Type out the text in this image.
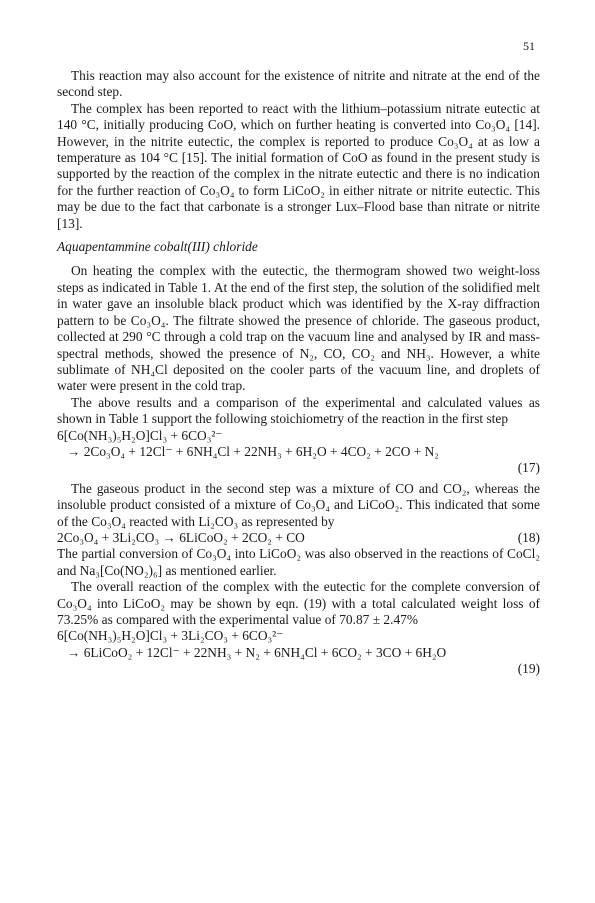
51

This reaction may also account for the existence of nitrite and nitrate at the end of the second step.

The complex has been reported to react with the lithium–potassium nitrate eutectic at 140 °C, initially producing CoO, which on further heating is converted into Co₃O₄ [14]. However, in the nitrite eutectic, the complex is reported to produce Co₃O₄ at as low a temperature as 104 °C [15]. The initial formation of CoO as found in the present study is supported by the reaction of the complex in the nitrate eutectic and there is no indication for the further reaction of Co₃O₄ to form LiCoO₂ in either nitrate or nitrite eutectic. This may be due to the fact that carbonate is a stronger Lux–Flood base than nitrate or nitrite [13].

Aquapentammine cobalt(III) chloride

On heating the complex with the eutectic, the thermogram showed two weight-loss steps as indicated in Table 1. At the end of the first step, the solution of the solidified melt in water gave an insoluble black product which was identified by the X-ray diffraction pattern to be Co₃O₄. The filtrate showed the presence of chloride. The gaseous product, collected at 290 °C through a cold trap on the vacuum line and analysed by IR and mass-spectral methods, showed the presence of N₂, CO, CO₂ and NH₃. However, a white sublimate of NH₄Cl deposited on the cooler parts of the vacuum line, and droplets of water were present in the cold trap.

The above results and a comparison of the experimental and calculated values as shown in Table 1 support the following stoichiometry of the reaction in the first step

6[Co(NH₃)₅H₂O]Cl₃ + 6CO₃²⁻
→ 2Co₃O₄ + 12Cl⁻ + 6NH₄Cl + 22NH₃ + 6H₂O + 4CO₂ + 2CO + N₂
(17)

The gaseous product in the second step was a mixture of CO and CO₂, whereas the insoluble product consisted of a mixture of Co₃O₄ and LiCoO₂. This indicated that some of the Co₃O₄ reacted with Li₂CO₃ as represented by

2Co₃O₄ + 3Li₂CO₃ → 6LiCoO₂ + 2CO₂ + CO	(18)

The partial conversion of Co₃O₄ into LiCoO₂ was also observed in the reactions of CoCl₂ and Na₃[Co(NO₂)₆] as mentioned earlier.

The overall reaction of the complex with the eutectic for the complete conversion of Co₃O₄ into LiCoO₂ may be shown by eqn. (19) with a total calculated weight loss of 73.25% as compared with the experimental value of 70.87 ± 2.47%

6[Co(NH₃)₅H₂O]Cl₃ + 3Li₂CO₃ + 6CO₃²⁻
→ 6LiCoO₂ + 12Cl⁻ + 22NH₃ + N₂ + 6NH₄Cl + 6CO₂ + 3CO + 6H₂O
(19)
